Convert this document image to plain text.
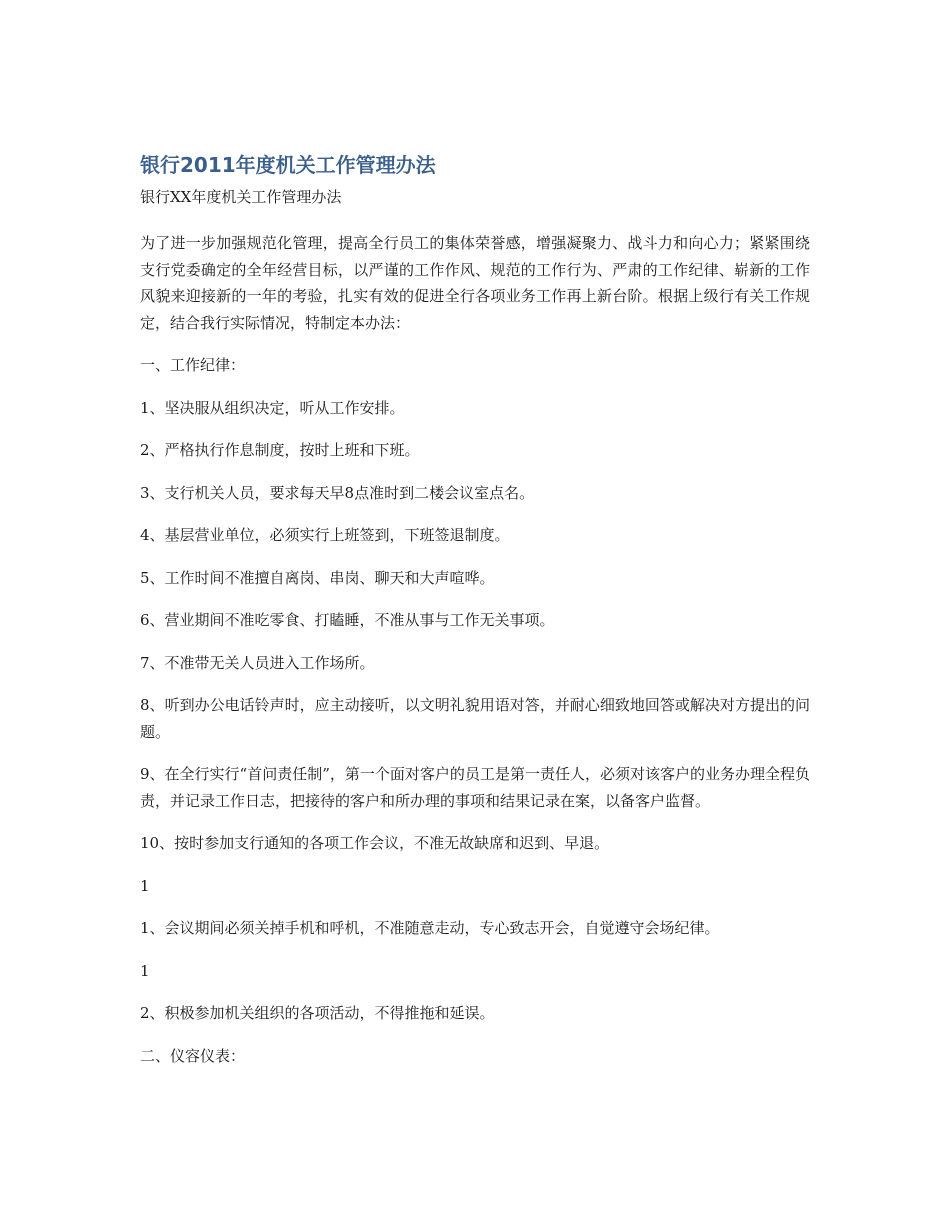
银行2011年度机关工作管理办法

银行XX年度机关工作管理办法

为了进一步加强规范化管理，提高全行员工的集体荣誉感，增强凝聚力、战斗力和向心力；紧紧围绕支行党委确定的全年经营目标，以严谨的工作作风、规范的工作行为、严肃的工作纪律、崭新的工作风貌来迎接新的一年的考验，扎实有效的促进全行各项业务工作再上新台阶。根据上级行有关工作规定，结合我行实际情况，特制定本办法：

一、工作纪律：

1、坚决服从组织决定，听从工作安排。

2、严格执行作息制度，按时上班和下班。

3、支行机关人员，要求每天早8点准时到二楼会议室点名。

4、基层营业单位，必须实行上班签到，下班签退制度。

5、工作时间不准擅自离岗、串岗、聊天和大声喧哗。

6、营业期间不准吃零食、打瞌睡，不准从事与工作无关事项。

7、不准带无关人员进入工作场所。

8、听到办公电话铃声时，应主动接听，以文明礼貌用语对答，并耐心细致地回答或解决对方提出的问题。

9、在全行实行“首问责任制”，第一个面对客户的员工是第一责任人，必须对该客户的业务办理全程负责，并记录工作日志，把接待的客户和所办理的事项和结果记录在案，以备客户监督。

10、按时参加支行通知的各项工作会议，不准无故缺席和迟到、早退。

1

1、会议期间必须关掉手机和呼机，不准随意走动，专心致志开会，自觉遵守会场纪律。

1

2、积极参加机关组织的各项活动，不得推拖和延误。

二、仪容仪表：
